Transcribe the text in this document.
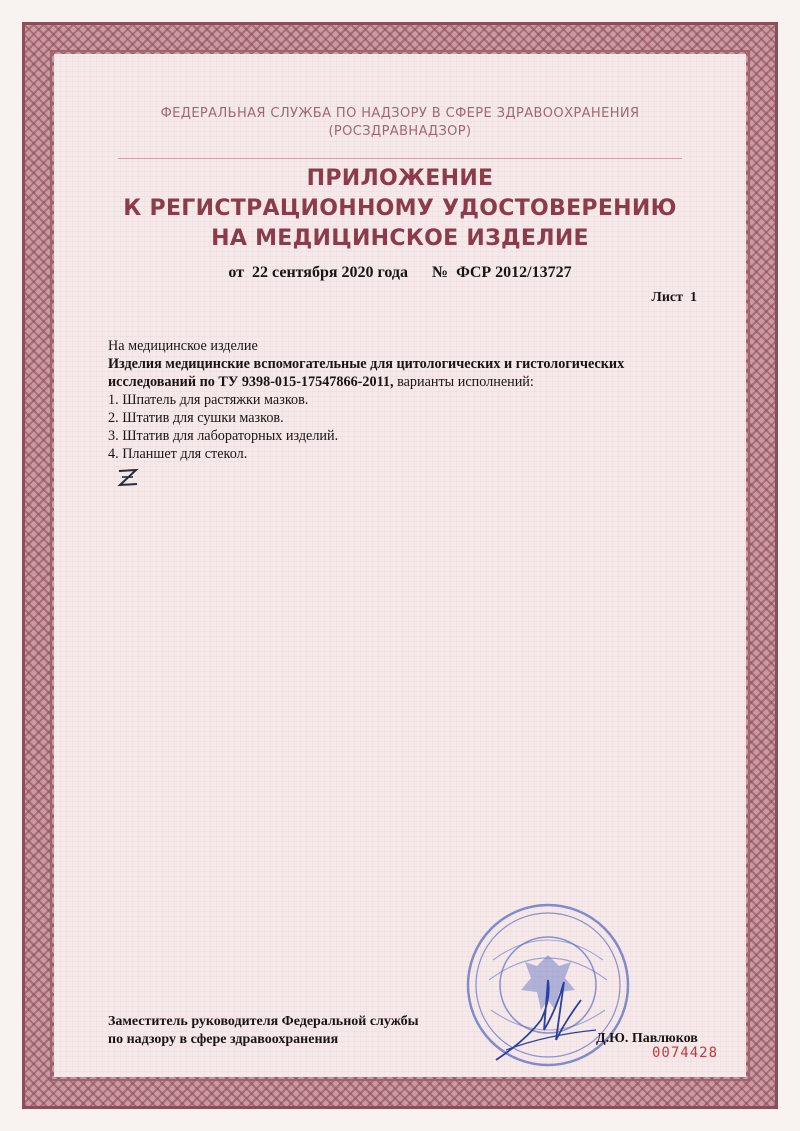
ФЕДЕРАЛЬНАЯ СЛУЖБА ПО НАДЗОРУ В СФЕРЕ ЗДРАВООХРАНЕНИЯ
(РОСЗДРАВНАДЗОР)
ПРИЛОЖЕНИЕ
К РЕГИСТРАЦИОННОМУ УДОСТОВЕРЕНИЮ
НА МЕДИЦИНСКОЕ ИЗДЕЛИЕ
от  22 сентября 2020 года      №  ФСР 2012/13727
Лист  1
На медицинское изделие
Изделия медицинские вспомогательные для цитологических и гистологических исследований по ТУ 9398-015-17547866-2011, варианты исполнений:
1. Шпатель для растяжки мазков.
2. Штатив для сушки мазков.
3. Штатив для лабораторных изделий.
4. Планшет для стекол.
Заместитель руководителя Федеральной службы
по надзору в сфере здравоохранения	Д.Ю. Павлюков
0074428
